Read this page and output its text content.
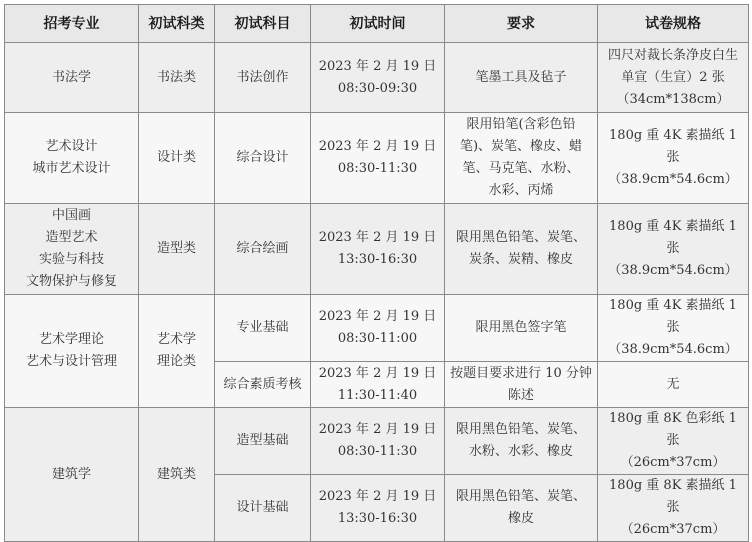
招考专业	初试科类	初试科目	初试时间	要求	试卷规格
书法学	书法类	书法创作	2023 年 2 月 19 日
08:30-09:30	笔墨工具及毡子	四尺对裁长条净皮白生
单宣（生宣）2 张
（34cm*138cm）
艺术设计
城市艺术设计	设计类	综合设计	2023 年 2 月 19 日
08:30-11:30	限用铅笔(含彩色铅
笔)、炭笔、橡皮、蜡
笔、马克笔、水粉、
水彩、丙烯	180g 重 4K 素描纸 1 张
（38.9cm*54.6cm）
中国画
造型艺术
实验与科技
文物保护与修复	造型类	综合绘画	2023 年 2 月 19 日
13:30-16:30	限用黑色铅笔、炭笔、
炭条、炭精、橡皮	180g 重 4K 素描纸 1 张
（38.9cm*54.6cm）
艺术学理论
艺术与设计管理	艺术学
理论类	专业基础	2023 年 2 月 19 日
08:30-11:00	限用黑色签字笔	180g 重 4K 素描纸 1 张
（38.9cm*54.6cm）
		综合素质考核	2023 年 2 月 19 日
11:30-11:40	按题目要求进行 10 分钟
陈述	无
建筑学	建筑类	造型基础	2023 年 2 月 19 日
08:30-11:30	限用黑色铅笔、炭笔、
水粉、水彩、橡皮	180g 重 8K 色彩纸 1 张
（26cm*37cm）
		设计基础	2023 年 2 月 19 日
13:30-16:30	限用黑色铅笔、炭笔、
橡皮	180g 重 8K 素描纸 1 张
（26cm*37cm）
